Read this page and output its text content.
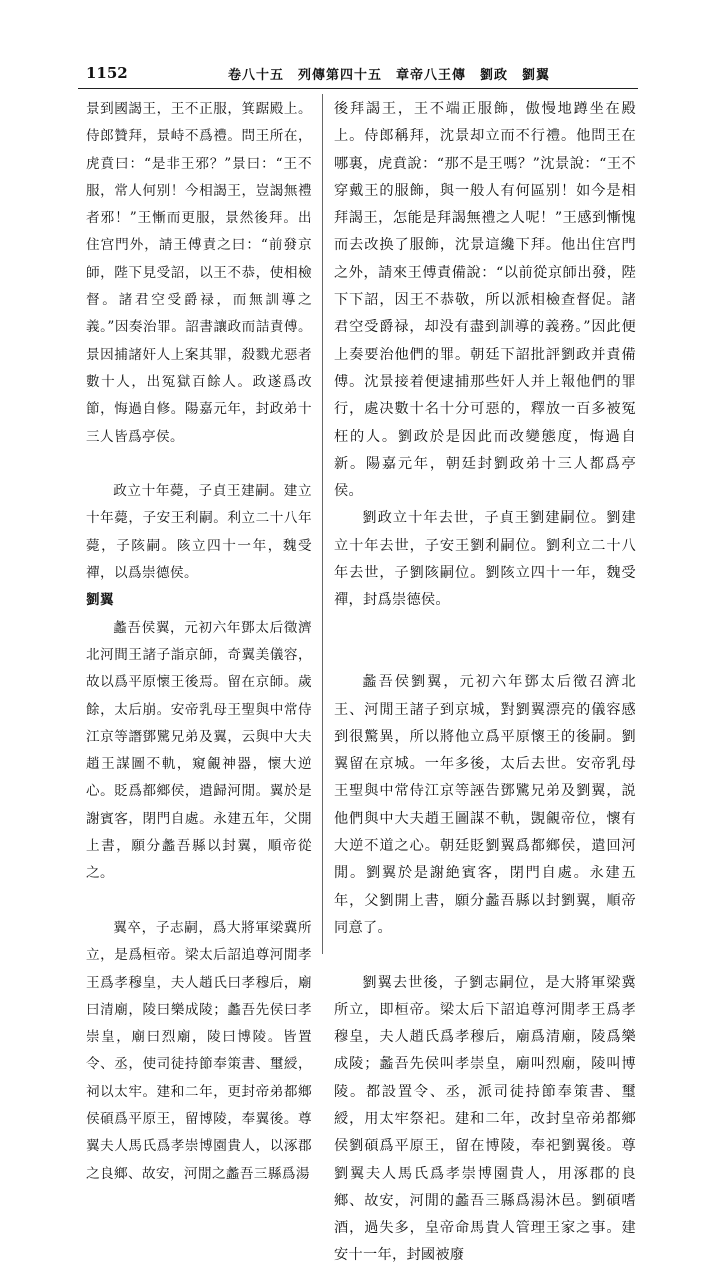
1152	卷八十五　列傳第四十五　章帝八王傳　劉政　劉翼

景到國謁王，王不正服，箕踞殿上。侍郎贊拜，景峙不爲禮。問王所在，虎賁曰：“是非王邪？”景曰：“王不服，常人何别！今相謁王，豈謁無禮者邪！”王慚而更服，景然後拜。出住宫門外，請王傅責之曰：“前發京師，陛下見受詔，以王不恭，使相檢督。諸君空受爵禄，而無訓導之義。”因奏治罪。詔書讓政而詰責傅。景因捕諸奸人上案其罪，殺戮尤惡者數十人，出冤獄百餘人。政遂爲改節，悔過自修。陽嘉元年，封政弟十三人皆爲亭侯。

政立十年薨，子貞王建嗣。建立十年薨，子安王利嗣。利立二十八年薨，子陔嗣。陔立四十一年，魏受禪，以爲崇德侯。

劉翼

蠡吾侯翼，元初六年鄧太后徵濟北河間王諸子詣京師，奇翼美儀容，故以爲平原懷王後焉。留在京師。歲餘，太后崩。安帝乳母王聖與中常侍江京等譖鄧騭兄弟及翼，云與中大夫趙王謀圖不軌，窺覦神器，懷大逆心。貶爲都鄉侯，遣歸河閒。翼於是謝賓客，閉門自處。永建五年，父開上書，願分蠡吾縣以封翼，順帝從之。

翼卒，子志嗣，爲大將軍梁冀所立，是爲桓帝。梁太后詔追尊河閒孝王爲孝穆皇，夫人趙氏曰孝穆后，廟曰清廟，陵曰樂成陵；蠡吾先侯曰孝崇皇，廟曰烈廟，陵曰博陵。皆置令、丞，使司徒持節奉策書、璽綬，祠以太牢。建和二年，更封帝弟都鄉侯碩爲平原王，留博陵，奉翼後。尊翼夫人馬氏爲孝崇博園貴人，以涿郡之良鄉、故安，河閒之蠡吾三縣爲湯

後拜謁王，王不端正服飾，傲慢地蹲坐在殿上。侍郎稱拜，沈景却立而不行禮。他問王在哪裏，虎賁說：“那不是王嗎？”沈景說：“王不穿戴王的服飾，與一般人有何區别！如今是相拜謁王，怎能是拜謁無禮之人呢！”王感到慚愧而去改换了服飾，沈景這纔下拜。他出住宫門之外，請來王傅責備說：“以前從京師出發，陛下下詔，因王不恭敬，所以派相檢查督促。諸君空受爵禄，却没有盡到訓導的義務。”因此便上奏要治他們的罪。朝廷下詔批評劉政并責備傅。沈景接着便逮捕那些奸人并上報他們的罪行，處决數十名十分可惡的，釋放一百多被冤枉的人。劉政於是因此而改變態度，悔過自新。陽嘉元年，朝廷封劉政弟十三人都爲亭侯。

劉政立十年去世，子貞王劉建嗣位。劉建立十年去世，子安王劉利嗣位。劉利立二十八年去世，子劉陔嗣位。劉陔立四十一年，魏受禪，封爲崇德侯。

蠡吾侯劉翼，元初六年鄧太后徵召濟北王、河閒王諸子到京城，對劉翼漂亮的儀容感到很驚異，所以將他立爲平原懷王的後嗣。劉翼留在京城。一年多後，太后去世。安帝乳母王聖與中常侍江京等誣告鄧騭兄弟及劉翼，説他們與中大夫趙王圖謀不軌，覬覦帝位，懷有大逆不道之心。朝廷貶劉翼爲都鄉侯，遣回河閒。劉翼於是謝絶賓客，閉門自處。永建五年，父劉開上書，願分蠡吾縣以封劉翼，順帝同意了。

劉翼去世後，子劉志嗣位，是大將軍梁冀所立，即桓帝。梁太后下詔追尊河閒孝王爲孝穆皇，夫人趙氏爲孝穆后，廟爲清廟，陵爲樂成陵；蠡吾先侯叫孝崇皇，廟叫烈廟，陵叫博陵。都設置令、丞，派司徒持節奉策書、璽綬，用太牢祭祀。建和二年，改封皇帝弟都鄉侯劉碩爲平原王，留在博陵，奉祀劉翼後。尊劉翼夫人馬氏爲孝崇博園貴人，用涿郡的良鄉、故安，河閒的蠡吾三縣爲湯沐邑。劉碩嗜酒，過失多，皇帝命馬貴人管理王家之事。建安十一年，封國被廢
